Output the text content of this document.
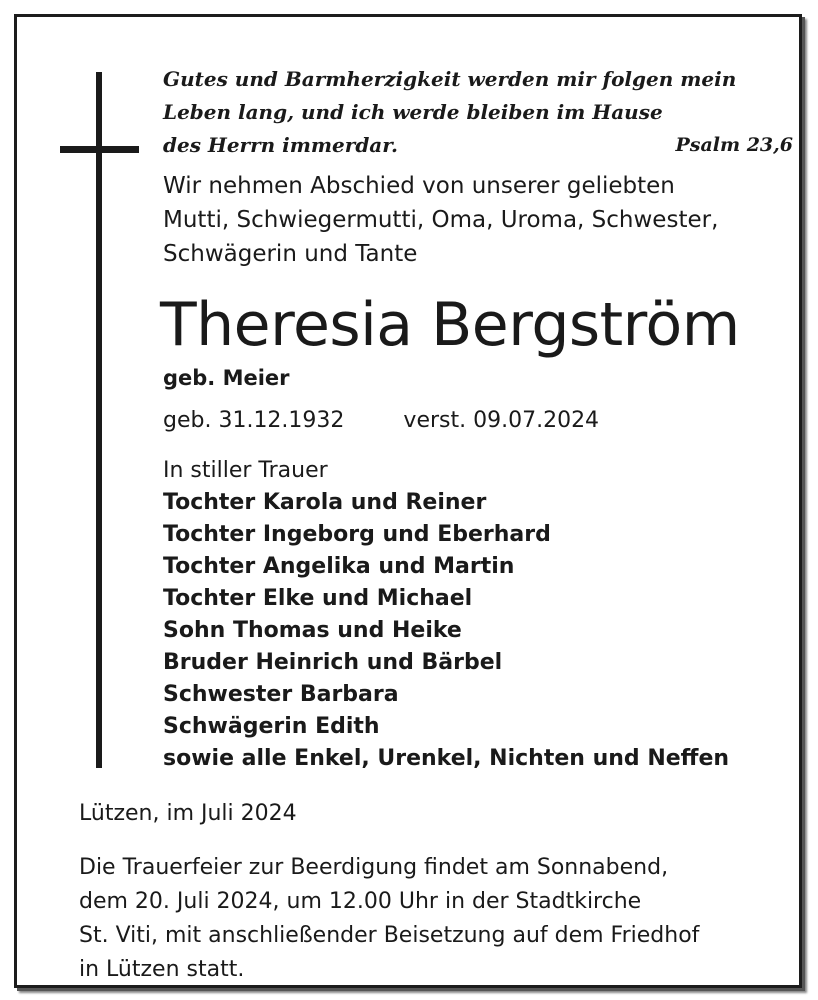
Gutes und Barmherzigkeit werden mir folgen mein
Leben lang, und ich werde bleiben im Hause
des Herrn immerdar.	Psalm 23,6
Wir nehmen Abschied von unserer geliebten
Mutti, Schwiegermutti, Oma, Uroma, Schwester,
Schwägerin und Tante
Theresia Bergström
geb. Meier
geb. 31.12.1932	verst. 09.07.2024
In stiller Trauer
Tochter Karola und Reiner
Tochter Ingeborg und Eberhard
Tochter Angelika und Martin
Tochter Elke und Michael
Sohn Thomas und Heike
Bruder Heinrich und Bärbel
Schwester Barbara
Schwägerin Edith
sowie alle Enkel, Urenkel, Nichten und Neffen
Lützen, im Juli 2024
Die Trauerfeier zur Beerdigung findet am Sonnabend,
dem 20. Juli 2024, um 12.00 Uhr in der Stadtkirche
St. Viti, mit anschließender Beisetzung auf dem Friedhof
in Lützen statt.
